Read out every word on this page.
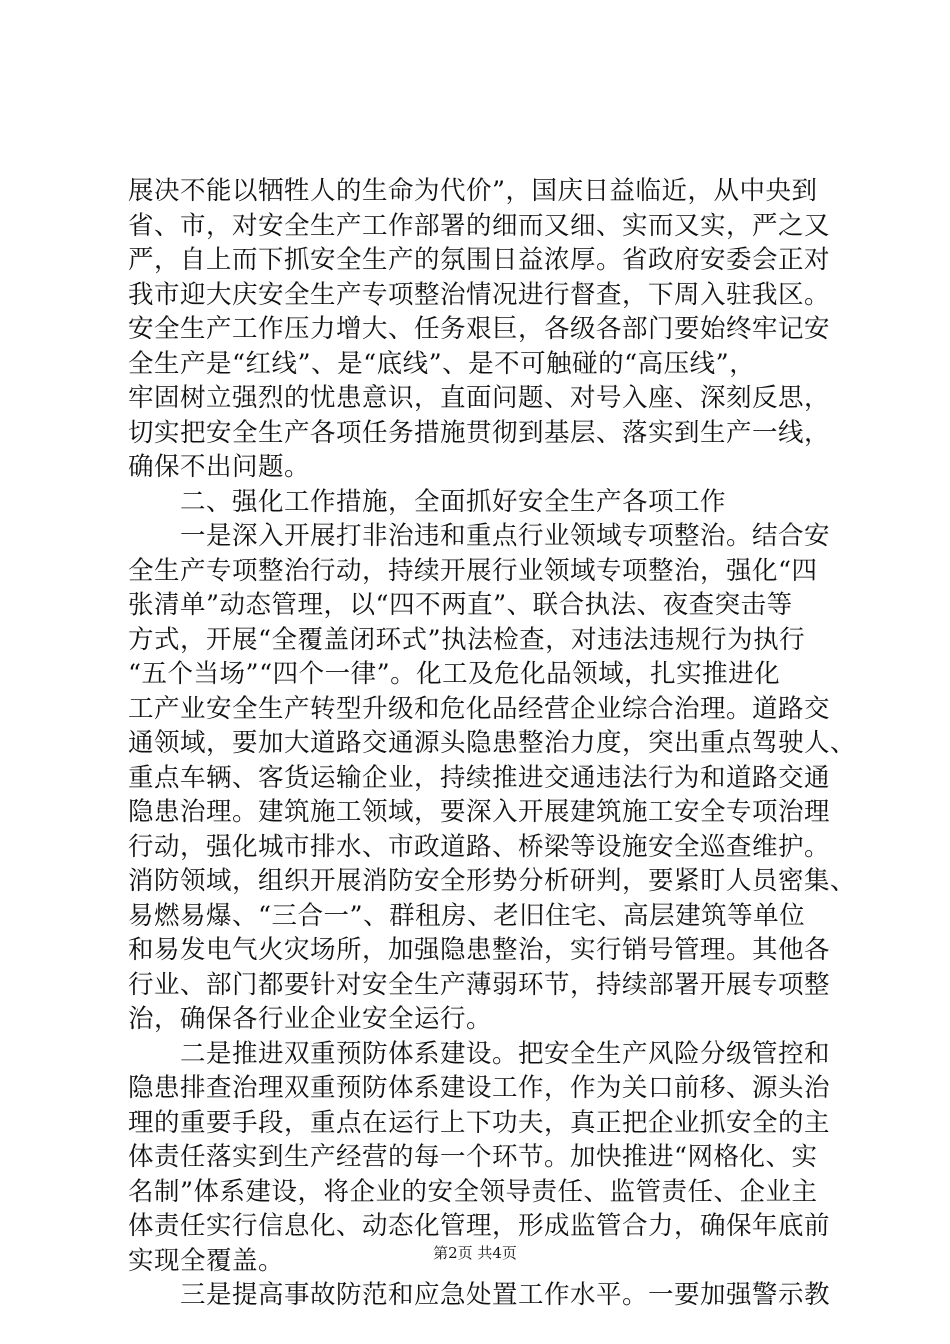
展决不能以牺牲人的生命为代价”，国庆日益临近，从中央到
省、市，对安全生产工作部署的细而又细、实而又实，严之又
严，自上而下抓安全生产的氛围日益浓厚。省政府安委会正对
我市迎大庆安全生产专项整治情况进行督查，下周入驻我区。
安全生产工作压力增大、任务艰巨，各级各部门要始终牢记安
全生产是“红线”、是“底线”、是不可触碰的“高压线”，
牢固树立强烈的忧患意识，直面问题、对号入座、深刻反思，
切实把安全生产各项任务措施贯彻到基层、落实到生产一线，
确保不出问题。
二、强化工作措施，全面抓好安全生产各项工作
一是深入开展打非治违和重点行业领域专项整治。结合安
全生产专项整治行动，持续开展行业领域专项整治，强化“四
张清单”动态管理，以“四不两直”、联合执法、夜查突击等
方式，开展“全覆盖闭环式”执法检查，对违法违规行为执行
“五个当场”“四个一律”。化工及危化品领域，扎实推进化
工产业安全生产转型升级和危化品经营企业综合治理。道路交
通领域，要加大道路交通源头隐患整治力度，突出重点驾驶人、
重点车辆、客货运输企业，持续推进交通违法行为和道路交通
隐患治理。建筑施工领域，要深入开展建筑施工安全专项治理
行动，强化城市排水、市政道路、桥梁等设施安全巡查维护。
消防领域，组织开展消防安全形势分析研判，要紧盯人员密集、
易燃易爆、“三合一”、群租房、老旧住宅、高层建筑等单位
和易发电气火灾场所，加强隐患整治，实行销号管理。其他各
行业、部门都要针对安全生产薄弱环节，持续部署开展专项整
治，确保各行业企业安全运行。
二是推进双重预防体系建设。把安全生产风险分级管控和
隐患排查治理双重预防体系建设工作，作为关口前移、源头治
理的重要手段，重点在运行上下功夫，真正把企业抓安全的主
体责任落实到生产经营的每一个环节。加快推进“网格化、实
名制”体系建设，将企业的安全领导责任、监管责任、企业主
体责任实行信息化、动态化管理，形成监管合力，确保年底前
实现全覆盖。
三是提高事故防范和应急处置工作水平。一要加强警示教
第2页 共4页
